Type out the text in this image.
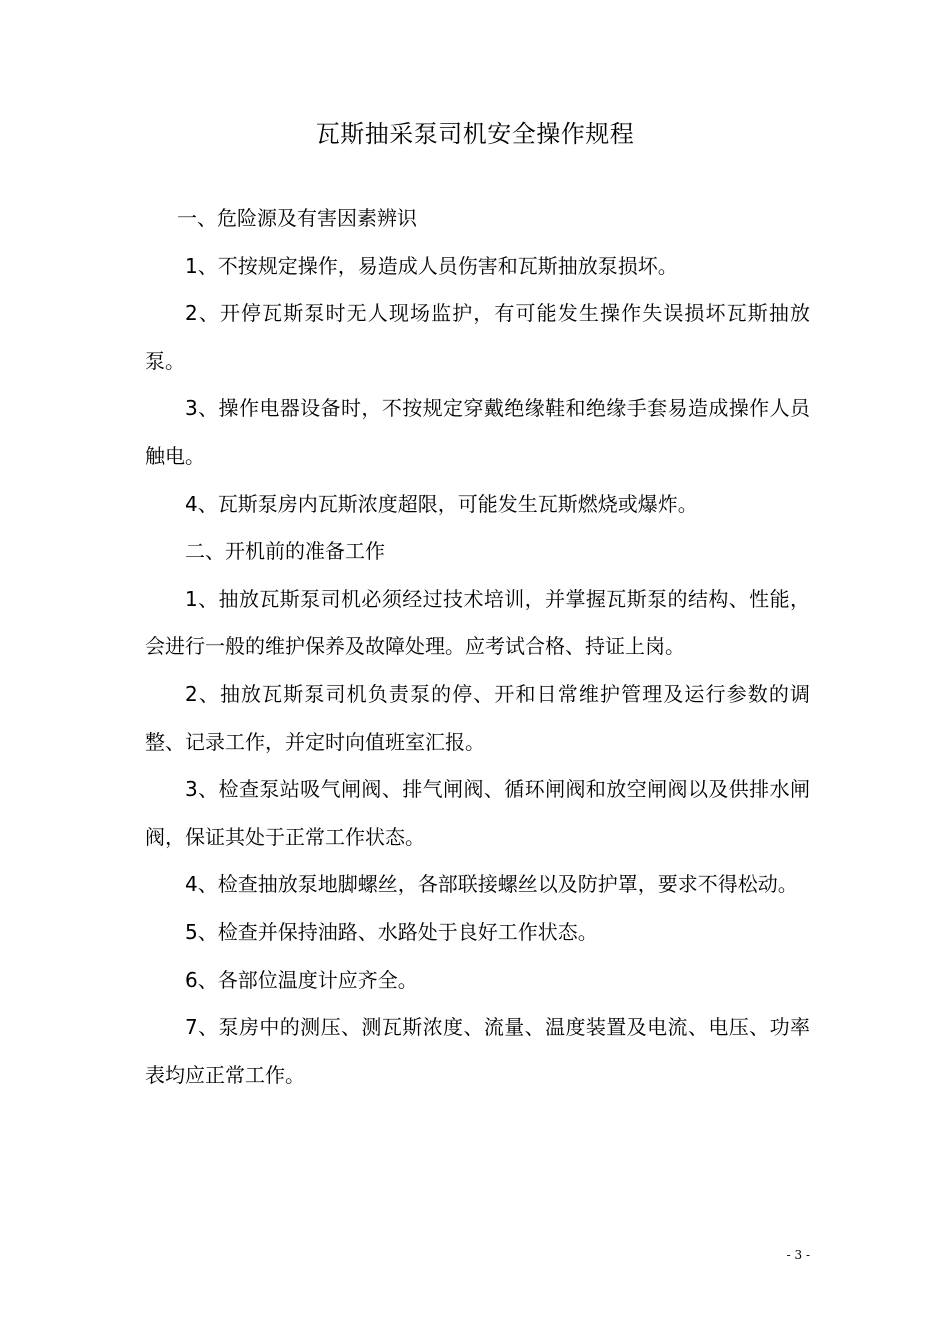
瓦斯抽采泵司机安全操作规程

一、危险源及有害因素辨识

1、不按规定操作，易造成人员伤害和瓦斯抽放泵损坏。

2、开停瓦斯泵时无人现场监护，有可能发生操作失误损坏瓦斯抽放泵。

3、操作电器设备时，不按规定穿戴绝缘鞋和绝缘手套易造成操作人员触电。

4、瓦斯泵房内瓦斯浓度超限，可能发生瓦斯燃烧或爆炸。

二、开机前的准备工作

1、抽放瓦斯泵司机必须经过技术培训，并掌握瓦斯泵的结构、性能，会进行一般的维护保养及故障处理。应考试合格、持证上岗。

2、抽放瓦斯泵司机负责泵的停、开和日常维护管理及运行参数的调整、记录工作，并定时向值班室汇报。

3、检查泵站吸气闸阀、排气闸阀、循环闸阀和放空闸阀以及供排水闸阀，保证其处于正常工作状态。

4、检查抽放泵地脚螺丝，各部联接螺丝以及防护罩，要求不得松动。

5、检查并保持油路、水路处于良好工作状态。

6、各部位温度计应齐全。

7、泵房中的测压、测瓦斯浓度、流量、温度装置及电流、电压、功率表均应正常工作。

- 3 -
